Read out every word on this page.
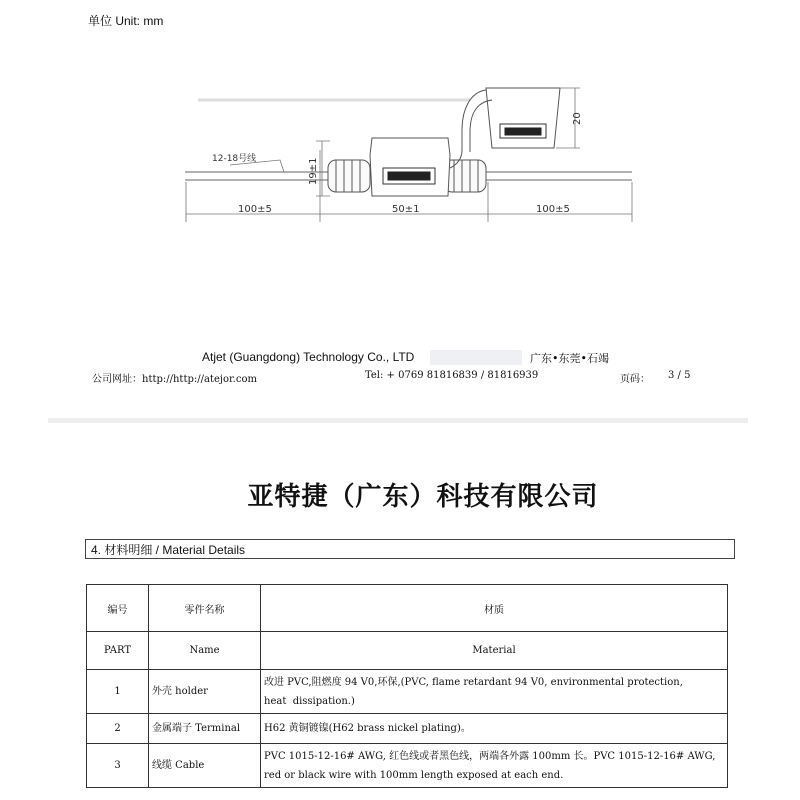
单位 Unit: mm
12-18号线	19±1
20
100±5	50±1	100±5
Atjet (Guangdong) Technology Co., LTD	广东•东莞•石竭
公司网址：http://http://atejor.com	Tel: + 0769 81816839 / 81816939	页码： 3 / 5
亚特捷（广东）科技有限公司
4. 材料明细 / Material Details
编号	零件名称	材质
PART	Name	Material
1	外壳 holder	改进 PVC,阻燃度 94 V0,环保,(PVC, flame retardant 94 V0, environmental protection,
heat  dissipation.)

2	金属端子 Terminal	H62 黄铜镀镍(H62 brass nickel plating)。

3	线缆 Cable	PVC 1015-12-16# AWG, 红色线或者黑色线，两端各外露 100mm 长。PVC 1015-12-16# AWG,
red or black wire with 100mm length exposed at each end.
